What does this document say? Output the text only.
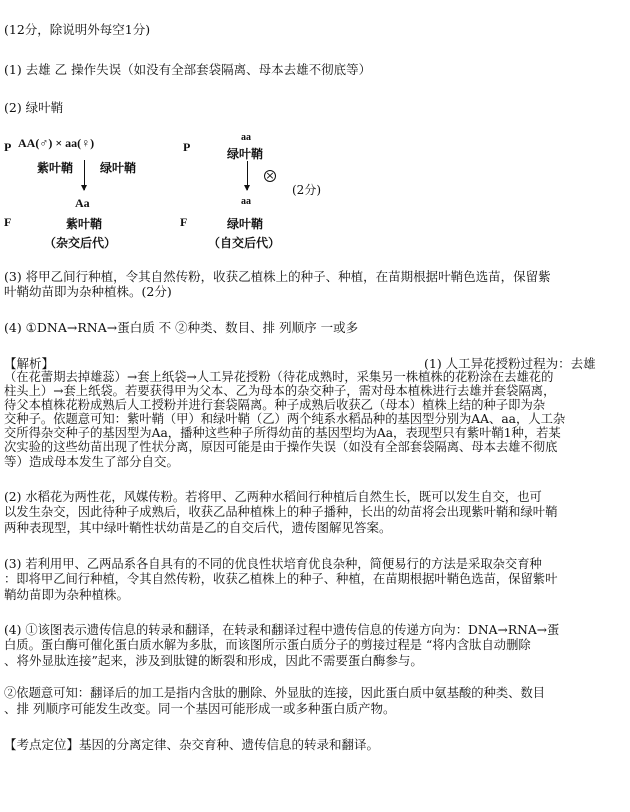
(12分，除说明外每空1分)
(1) 去雄 乙 操作失误（如没有全部套袋隔离、母本去雄不彻底等）
(2) 绿叶鞘
P AA(♂) × aa(♀)
紫叶鞘 绿叶鞘
Aa
F	紫叶鞘
（杂交后代）
P
aa
绿叶鞘
×
(2分)
aa
F	绿叶鞘
（自交后代）
(3) 将甲乙间行种植，令其自然传粉，收获乙植株上的种子、种植，在苗期根据叶鞘色选苗，保留紫
叶鞘幼苗即为杂种植株。(2分)
(4) ①DNA→RNA→蛋白质 不 ②种类、数目、排 列顺序 一或多
【解析】	(1) 人工异花授粉过程为：去雄
（在花蕾期去掉雄蕊）→套上纸袋→人工异花授粉（待花成熟时，采集另一株植株的花粉涂在去雄花的
柱头上）→套上纸袋。若要获得甲为父本、乙为母本的杂交种子，需对母本植株进行去雄并套袋隔离，
待父本植株花粉成熟后人工授粉并进行套袋隔离。种子成熟后收获乙（母本）植株上结的种子即为杂
交种子。依题意可知：紫叶鞘（甲）和绿叶鞘（乙）两个纯系水稻品种的基因型分别为AA、aa，人工杂
交所得杂交种子的基因型为Aa，播种这些种子所得幼苗的基因型均为Aa，表现型只有紫叶鞘1种，若某
次实验的这些幼苗出现了性状分离，原因可能是由于操作失误（如没有全部套袋隔离、母本去雄不彻底
等）造成母本发生了部分自交。
(2) 水稻花为两性花，风媒传粉。若将甲、乙两种水稻间行种植后自然生长，既可以发生自交，也可
以发生杂交，因此待种子成熟后，收获乙品种植株上的种子播种，长出的幼苗将会出现紫叶鞘和绿叶鞘
两种表现型，其中绿叶鞘性状幼苗是乙的自交后代，遗传图解见答案。
(3) 若利用甲、乙两品系各自具有的不同的优良性状培育优良杂种，简便易行的方法是采取杂交育种
：即将甲乙间行种植，令其自然传粉，收获乙植株上的种子、种植，在苗期根据叶鞘色选苗，保留紫叶
鞘幼苗即为杂种植株。
(4) ①该图表示遗传信息的转录和翻译，在转录和翻译过程中遗传信息的传递方向为：DNA→RNA→蛋
白质。蛋白酶可催化蛋白质水解为多肽，而该图所示蛋白质分子的剪接过程是 “将内含肽自动删除
、将外显肽连接”起来，涉及到肽键的断裂和形成，因此不需要蛋白酶参与。
②依题意可知：翻译后的加工是指内含肽的删除、外显肽的连接，因此蛋白质中氨基酸的种类、数目
、排 列顺序可能发生改变。同一个基因可能形成一或多种蛋白质产物。
【考点定位】基因的分离定律、杂交育种、遗传信息的转录和翻译。
